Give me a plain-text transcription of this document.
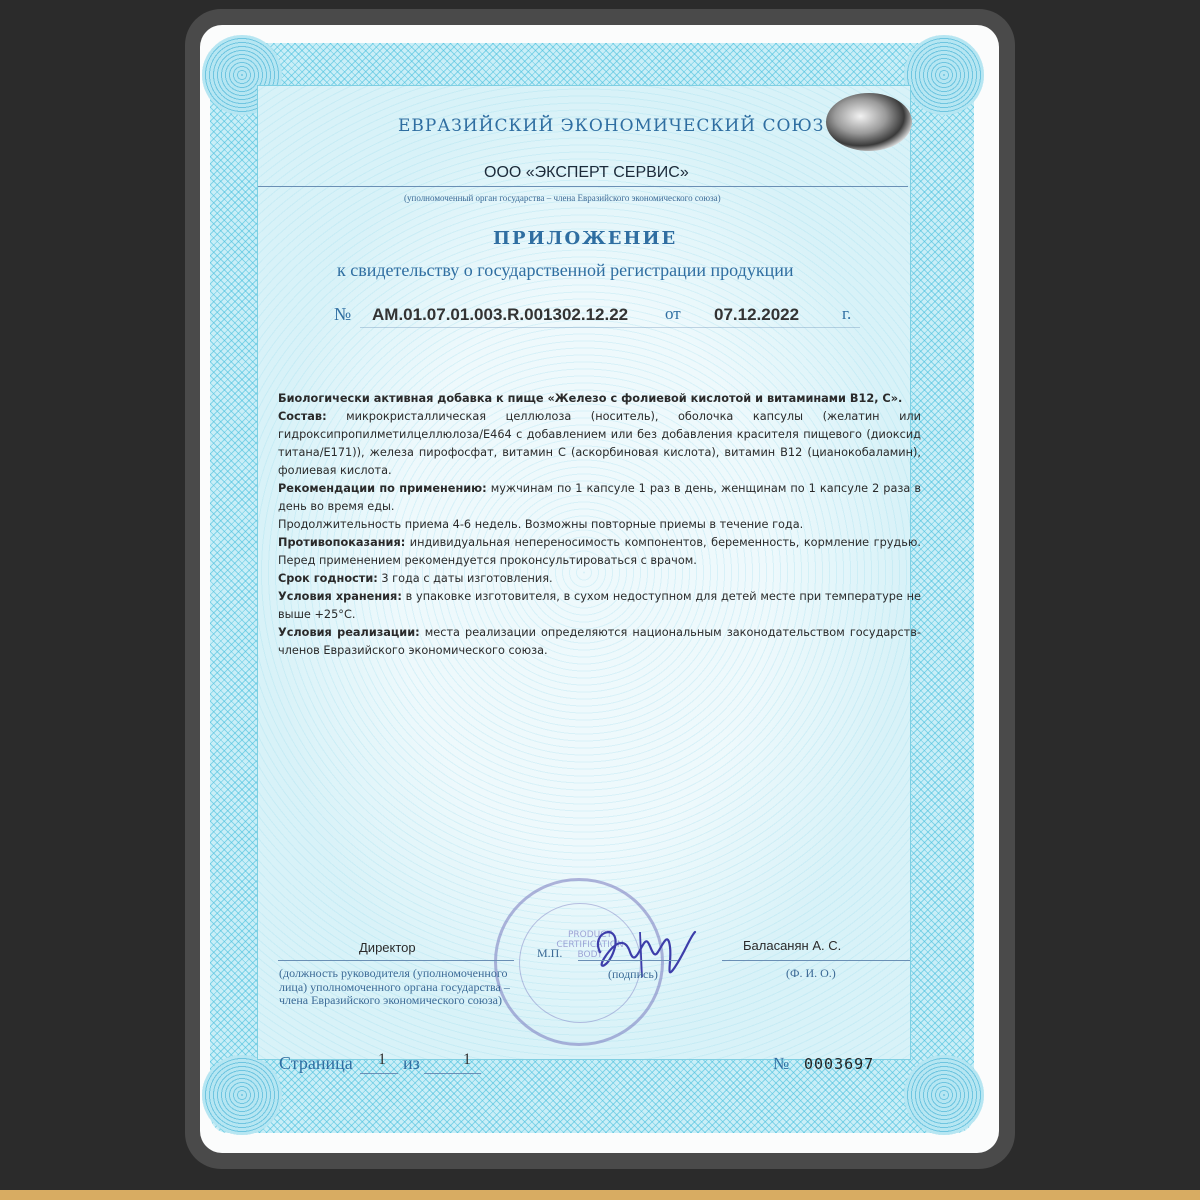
ЕВРАЗИЙСКИЙ ЭКОНОМИЧЕСКИЙ СОЮЗ
ООО «ЭКСПЕРТ СЕРВИС»
(уполномоченный орган государства – члена Евразийского экономического союза)
ПРИЛОЖЕНИЕ
к свидетельству о государственной регистрации продукции
№ AM.01.07.01.003.R.001302.12.22 от 07.12.2022	г.

Биологически активная добавка к пище «Железо с фолиевой кислотой и витаминами B12, C».

Состав: микрокристаллическая целлюлоза (носитель), оболочка капсулы (желатин или гидроксипропилметилцеллюлоза/Е464 с добавлением или без добавления красителя пищевого (диоксид титана/Е171)), железа пирофосфат, витамин С (аскорбиновая кислота), витамин В12 (цианокобаламин), фолиевая кислота.

Рекомендации по применению: мужчинам по 1 капсуле 1 раз в день, женщинам по 1 капсуле 2 раза в день во время еды.

Продолжительность приема 4-6 недель. Возможны повторные приемы в течение года.

Противопоказания: индивидуальная непереносимость компонентов, беременность, кормление грудью. Перед применением рекомендуется проконсультироваться с врачом.

Срок годности: 3 года с даты изготовления.

Условия хранения: в упаковке изготовителя, в сухом недоступном для детей месте при температуре не выше +25°С.

Условия реализации: места реализации определяются национальным законодательством государств-членов Евразийского экономического союза.

PRODUCT CERTIFICATION BODY
Директор	М.П.	Баласанян А. С.
(должность руководителя (уполномоченного лица) уполномоченного органа государства – члена Евразийского экономического союза)
(подпись)	(Ф. И. О.)
Страница 1 из	1	№ 0003697
